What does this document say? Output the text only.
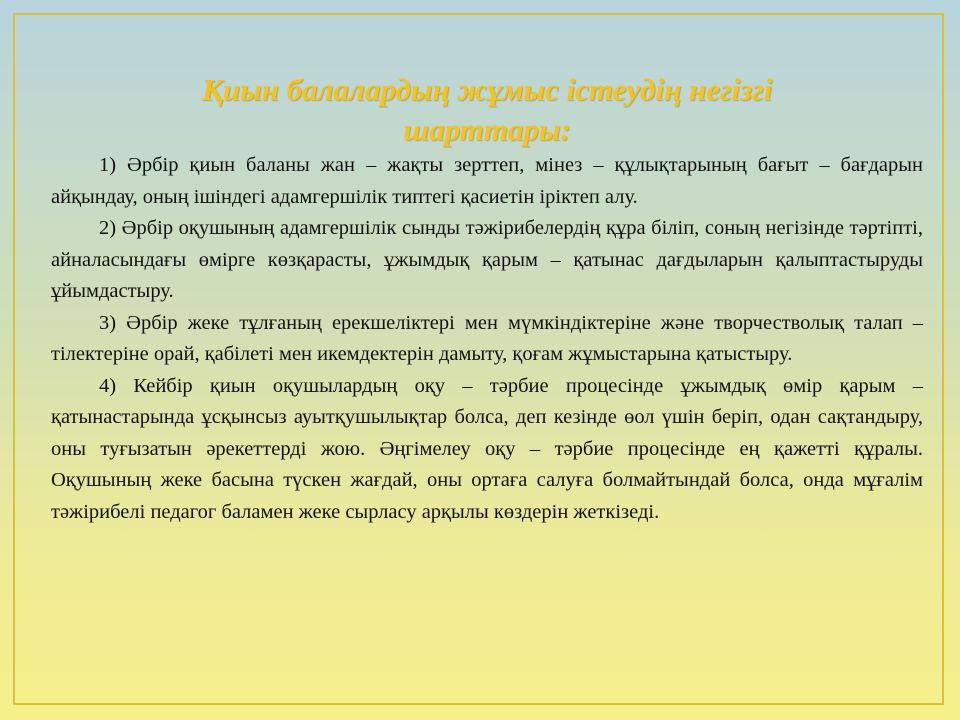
Қиын балалардың жұмыс істеудің негізгі
шарттары:

1) Әрбір қиын баланы жан – жақты зерттеп, мінез – құлықтарының бағыт – бағдарын айқындау, оның ішіндегі адамгершілік типтегі қасиетін іріктеп алу.

2) Әрбір оқушының адамгершілік сынды тәжірибелердің құра біліп, соның негізінде тәртіпті, айналасындағы өмірге көзқарасты, ұжымдық қарым – қатынас дағдыларын қалыптастыруды ұйымдастыру.

3) Әрбір жеке тұлғаның ерекшеліктері мен мүмкіндіктеріне және творчестволық талап – тілектеріне орай, қабілеті мен икемдектерін дамыту, қоғам жұмыстарына қатыстыру.

4) Кейбір қиын оқушылардың оқу – тәрбие процесінде ұжымдық өмір қарым – қатынастарында ұсқынсыз ауытқушылықтар болса, деп кезінде өол үшін беріп, одан сақтандыру, оны туғызатын әрекеттерді жою. Әңгімелеу оқу – тәрбие процесінде ең қажетті құралы. Оқушының жеке басына түскен жағдай, оны ортаға салуға болмайтындай болса, онда мұғалім тәжірибелі педагог баламен жеке сырласу арқылы көздерін жеткізеді.
